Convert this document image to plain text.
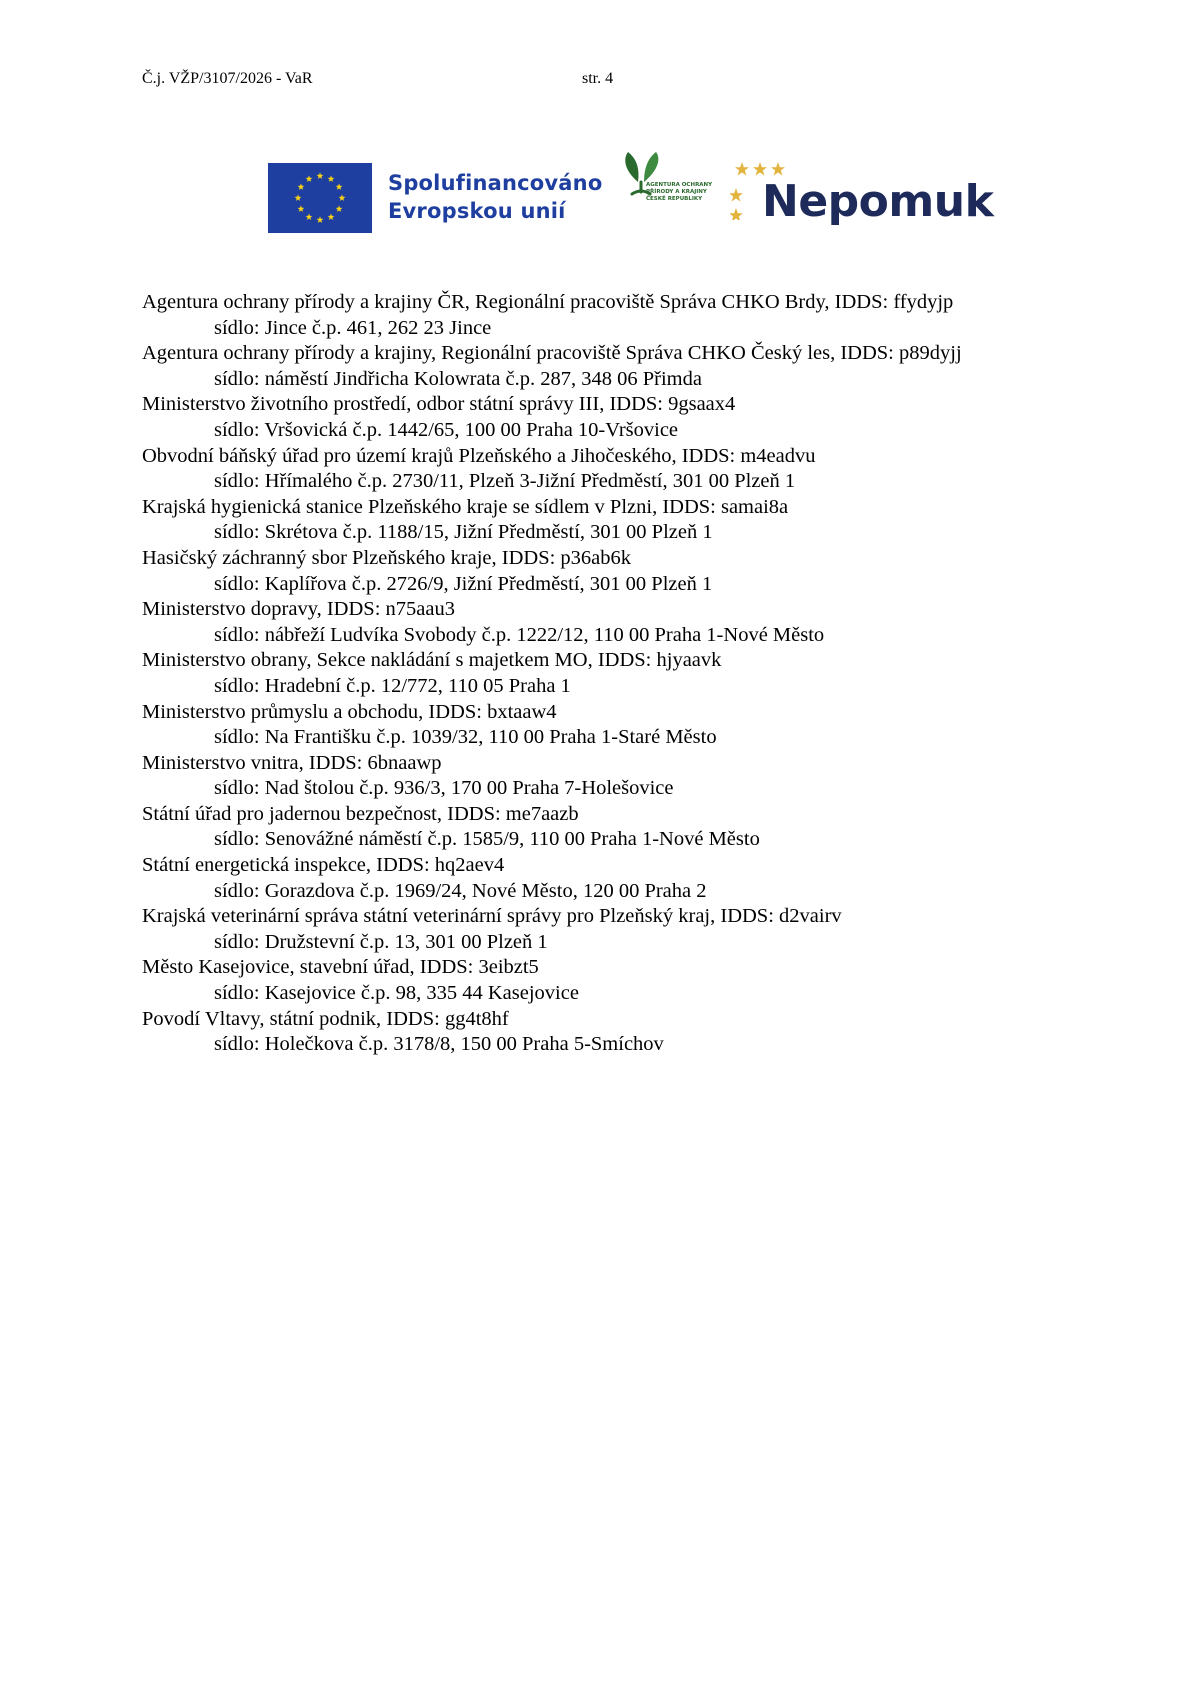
Č.j. VŽP/3107/2026 - VaR	str. 4
Spolufinancováno
Evropskou unií
AGENTURA OCHRANY
PŘÍRODY A KRAJINY
ČESKÉ REPUBLIKY Nepomuk
Agentura ochrany přírody a krajiny ČR, Regionální pracoviště Správa CHKO Brdy, IDDS: ffydyjp
sídlo: Jince č.p. 461, 262 23 Jince
Agentura ochrany přírody a krajiny, Regionální pracoviště Správa CHKO Český les, IDDS: p89dyjj
sídlo: náměstí Jindřicha Kolowrata č.p. 287, 348 06 Přimda
Ministerstvo životního prostředí, odbor státní správy III, IDDS: 9gsaax4
sídlo: Vršovická č.p. 1442/65, 100 00 Praha 10-Vršovice
Obvodní báňský úřad pro území krajů Plzeňského a Jihočeského, IDDS: m4eadvu
sídlo: Hřímalého č.p. 2730/11, Plzeň 3-Jižní Předměstí, 301 00 Plzeň 1
Krajská hygienická stanice Plzeňského kraje se sídlem v Plzni, IDDS: samai8a
sídlo: Skrétova č.p. 1188/15, Jižní Předměstí, 301 00 Plzeň 1
Hasičský záchranný sbor Plzeňského kraje, IDDS: p36ab6k
sídlo: Kaplířova č.p. 2726/9, Jižní Předměstí, 301 00 Plzeň 1
Ministerstvo dopravy, IDDS: n75aau3
sídlo: nábřeží Ludvíka Svobody č.p. 1222/12, 110 00 Praha 1-Nové Město
Ministerstvo obrany, Sekce nakládání s majetkem MO, IDDS: hjyaavk
sídlo: Hradební č.p. 12/772, 110 05 Praha 1
Ministerstvo průmyslu a obchodu, IDDS: bxtaaw4
sídlo: Na Františku č.p. 1039/32, 110 00 Praha 1-Staré Město
Ministerstvo vnitra, IDDS: 6bnaawp
sídlo: Nad štolou č.p. 936/3, 170 00 Praha 7-Holešovice
Státní úřad pro jadernou bezpečnost, IDDS: me7aazb
sídlo: Senovážné náměstí č.p. 1585/9, 110 00 Praha 1-Nové Město
Státní energetická inspekce, IDDS: hq2aev4
sídlo: Gorazdova č.p. 1969/24, Nové Město, 120 00 Praha 2
Krajská veterinární správa státní veterinární správy pro Plzeňský kraj, IDDS: d2vairv
sídlo: Družstevní č.p. 13, 301 00 Plzeň 1
Město Kasejovice, stavební úřad, IDDS: 3eibzt5
sídlo: Kasejovice č.p. 98, 335 44 Kasejovice
Povodí Vltavy, státní podnik, IDDS: gg4t8hf
sídlo: Holečkova č.p. 3178/8, 150 00 Praha 5-Smíchov
